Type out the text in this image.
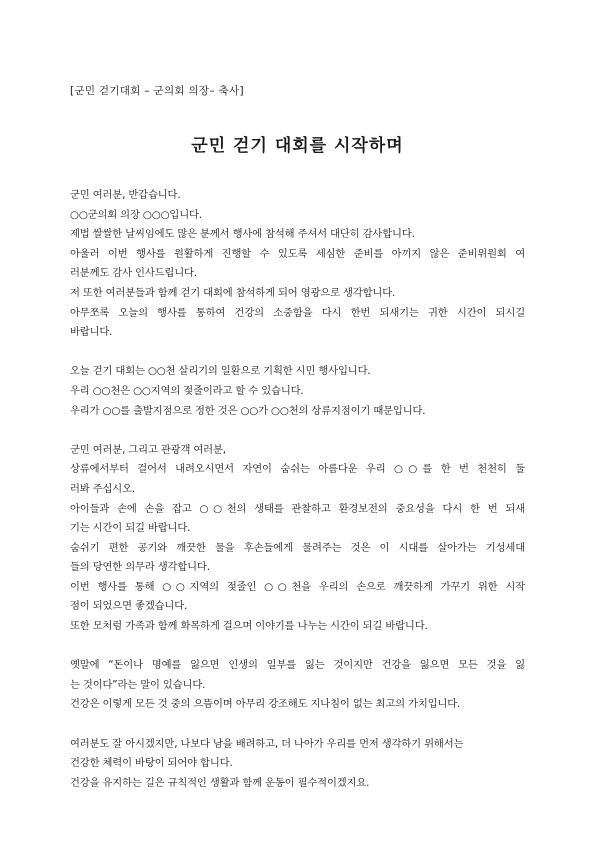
[군민 걷기대회 – 군의회 의장– 축사]

군민 걷기 대회를 시작하며
군민 여러분, 반갑습니다.
○○군의회 의장 ○○○입니다.
제법 쌀쌀한 날씨임에도 많은 분께서 행사에 참석해 주셔서 대단히 감사합니다.
아울러 이번 행사를 원활하게 진행할 수 있도록 세심한 준비를 아끼지 않은 준비위원회 여
러분께도 감사 인사드립니다.
저 또한 여러분들과 함께 걷기 대회에 참석하게 되어 영광으로 생각합니다.
아무쪼록 오늘의 행사를 통하여 건강의 소중함을 다시 한번 되새기는 귀한 시간이 되시길
바랍니다.
오늘 걷기 대회는 ○○천 살리기의 일환으로 기획한 시민 행사입니다.
우리 ○○천은 ○○지역의 젖줄이라고 할 수 있습니다.
우리가 ○○를 출발지점으로 정한 것은 ○○가 ○○천의 상류지점이기 때문입니다.
군민 여러분, 그리고 관광객 여러분,
상류에서부터 걸어서 내려오시면서 자연이 숨쉬는 아름다운 우리 ○○를 한 번 천천히 둘
러봐 주십시오.
아이들과 손에 손을 잡고 ○○천의 생태를 관찰하고 환경보전의 중요성을 다시 한 번 되새
기는 시간이 되길 바랍니다.
숨쉬기 편한 공기와 깨끗한 물을 후손들에게 물려주는 것은 이 시대를 살아가는 기성세대
들의 당연한 의무라 생각합니다.
이번 행사를 통해 ○○지역의 젖줄인 ○○천을 우리의 손으로 깨끗하게 가꾸기 위한 시작
점이 되었으면 좋겠습니다.
또한 모처럼 가족과 함께 화목하게 걸으며 이야기를 나누는 시간이 되길 바랍니다.
옛말에 “돈이나 명예를 잃으면 인생의 일부를 잃는 것이지만 건강을 잃으면 모든 것을 잃
는 것이다”라는 말이 있습니다.
건강은 이렇게 모든 것 중의 으뜸이며 아무리 강조해도 지나침이 없는 최고의 가치입니다.
여러분도 잘 아시겠지만, 나보다 남을 배려하고, 더 나아가 우리를 먼저 생각하기 위해서는
건강한 체력이 바탕이 되어야 합니다.
건강을 유지하는 길은 규칙적인 생활과 함께 운동이 필수적이겠지요.
